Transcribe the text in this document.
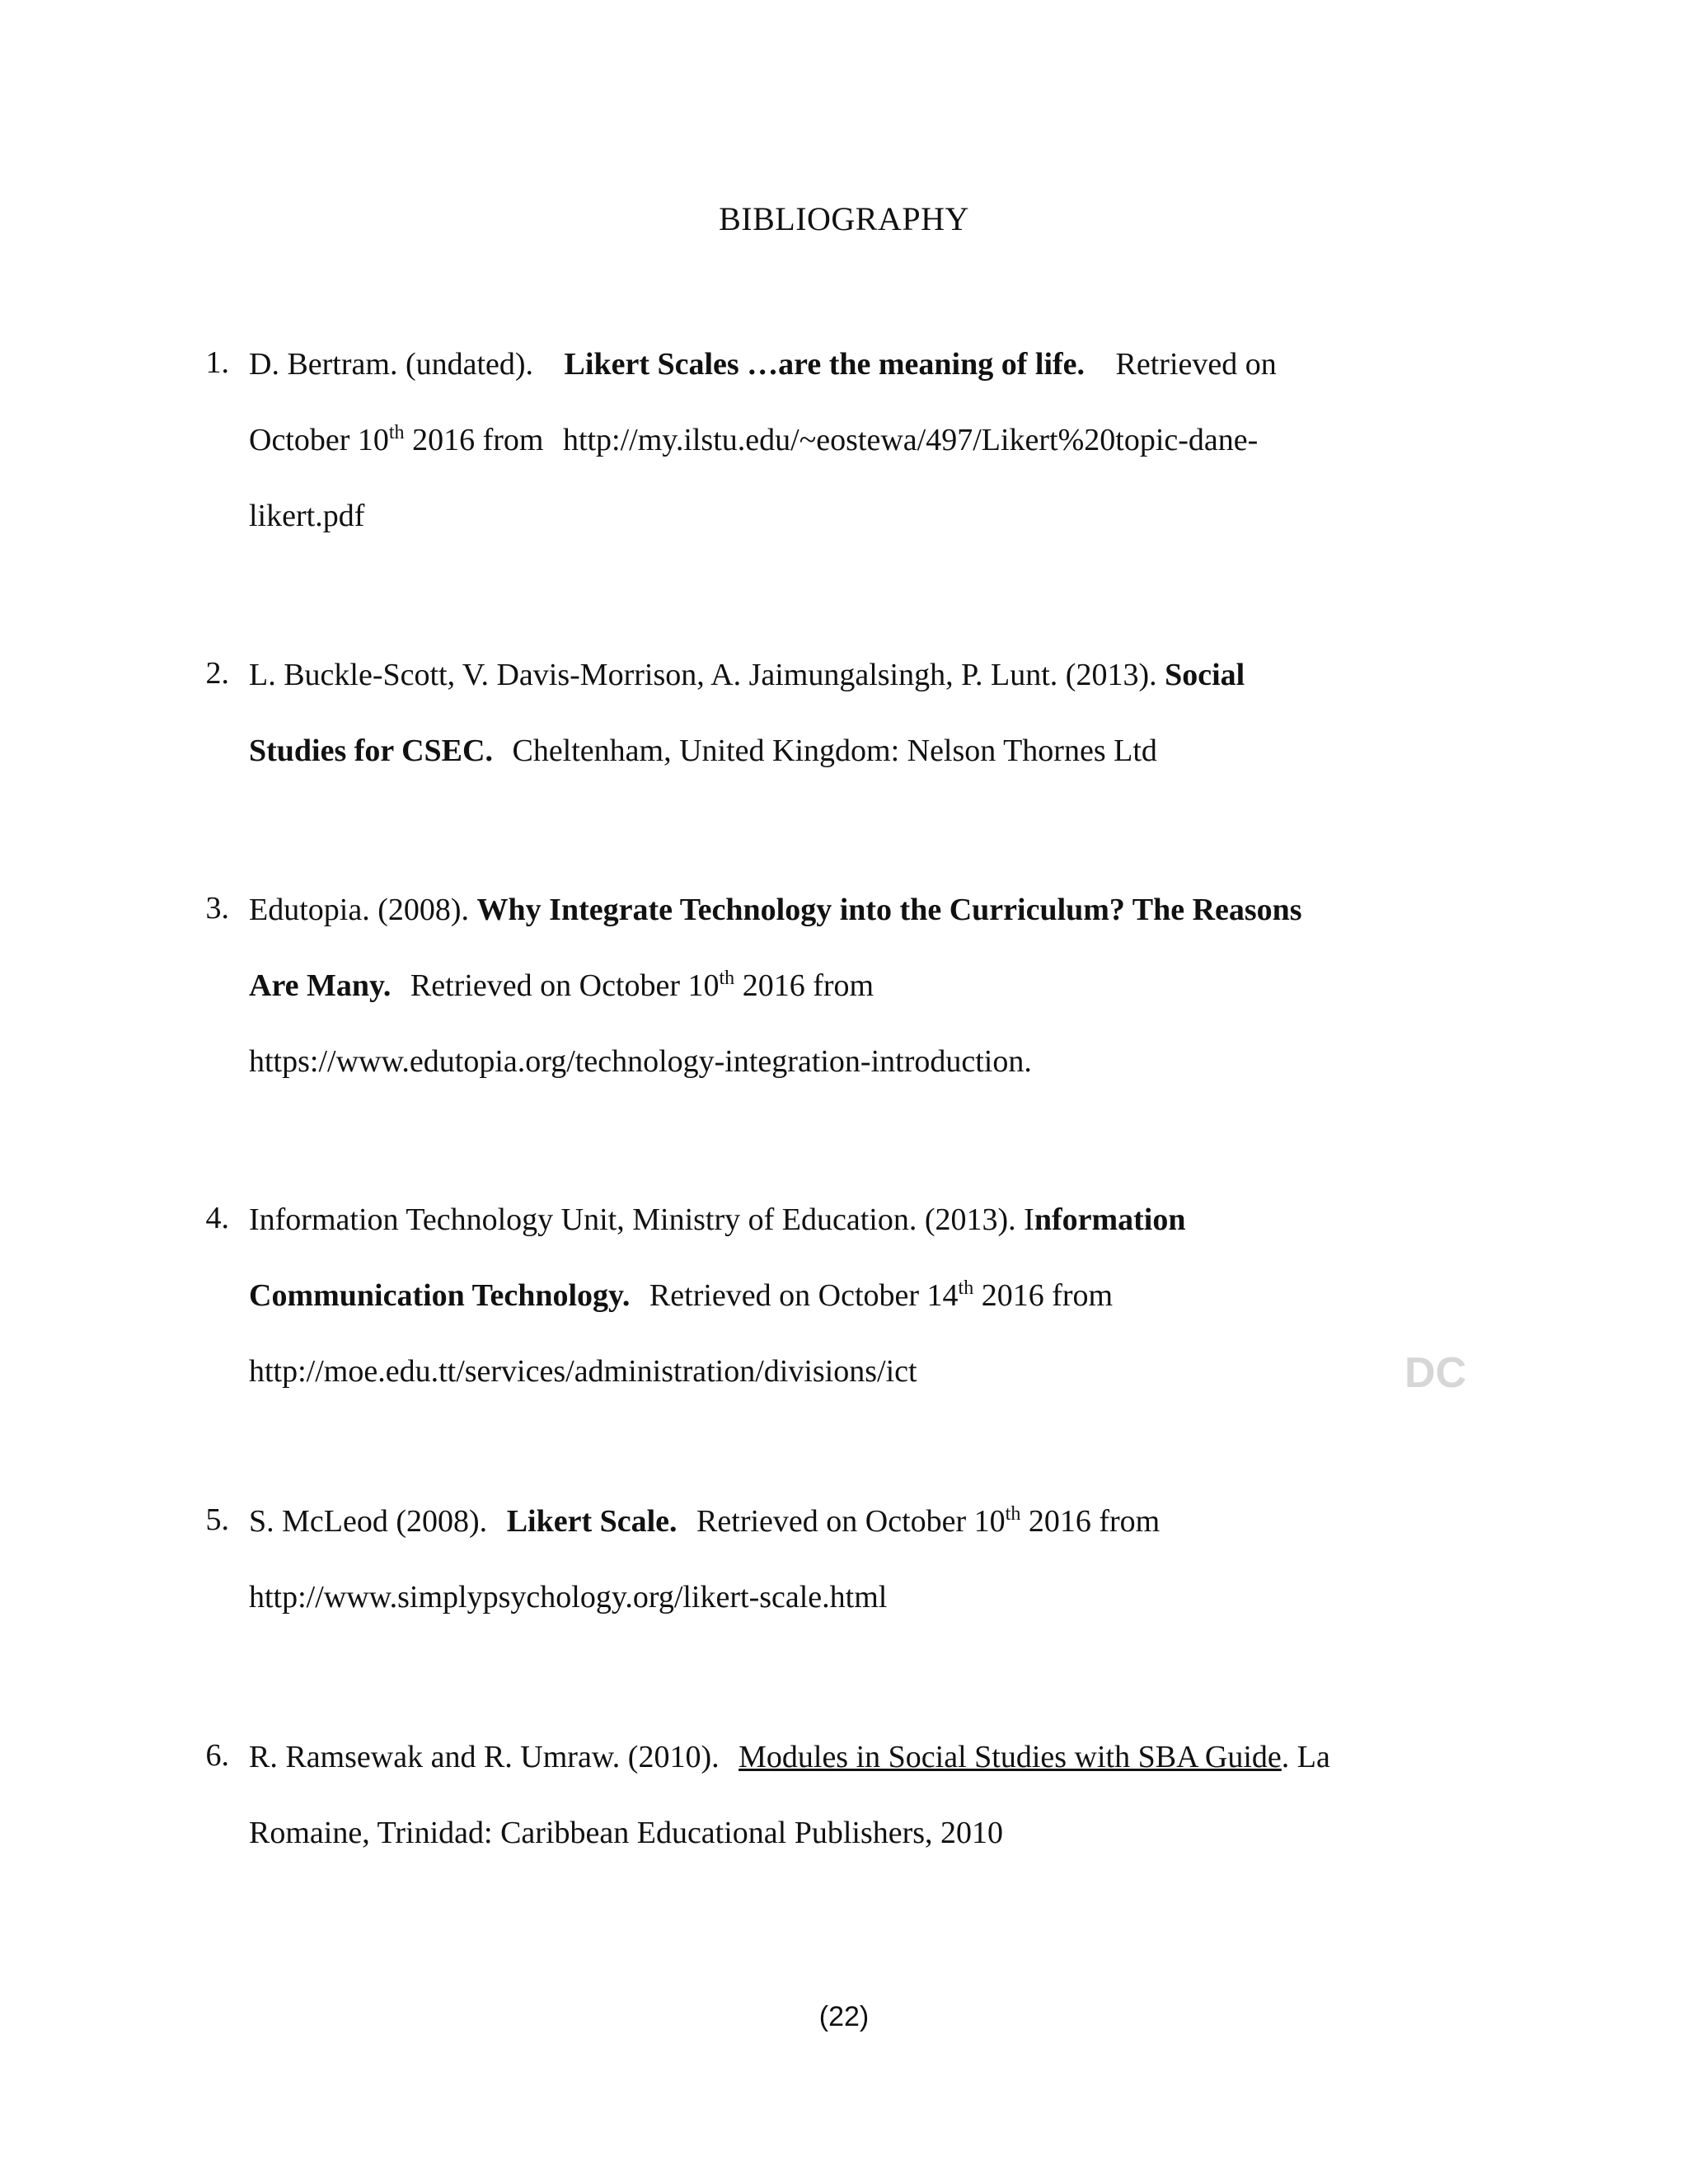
BIBLIOGRAPHY
1. D. Bertram. (undated). Likert Scales …are the meaning of life. Retrieved on
October 10th 2016 from http://my.ilstu.edu/~eostewa/497/Likert%20topic-dane-
likert.pdf
2. L. Buckle-Scott, V. Davis-Morrison, A. Jaimungalsingh, P. Lunt. (2013). Social
Studies for CSEC. Cheltenham, United Kingdom: Nelson Thornes Ltd
3. Edutopia. (2008). Why Integrate Technology into the Curriculum? The Reasons
Are Many. Retrieved on October 10th 2016 from
https://www.edutopia.org/technology-integration-introduction.
4. Information Technology Unit, Ministry of Education. (2013). Information
Communication Technology. Retrieved on October 14th 2016 from
http://moe.edu.tt/services/administration/divisions/ict
5. S. McLeod (2008). Likert Scale. Retrieved on October 10th 2016 from
http://www.simplypsychology.org/likert-scale.html
6. R. Ramsewak and R. Umraw. (2010). Modules in Social Studies with SBA Guide. La
Romaine, Trinidad: Caribbean Educational Publishers, 2010
DC
(22)
